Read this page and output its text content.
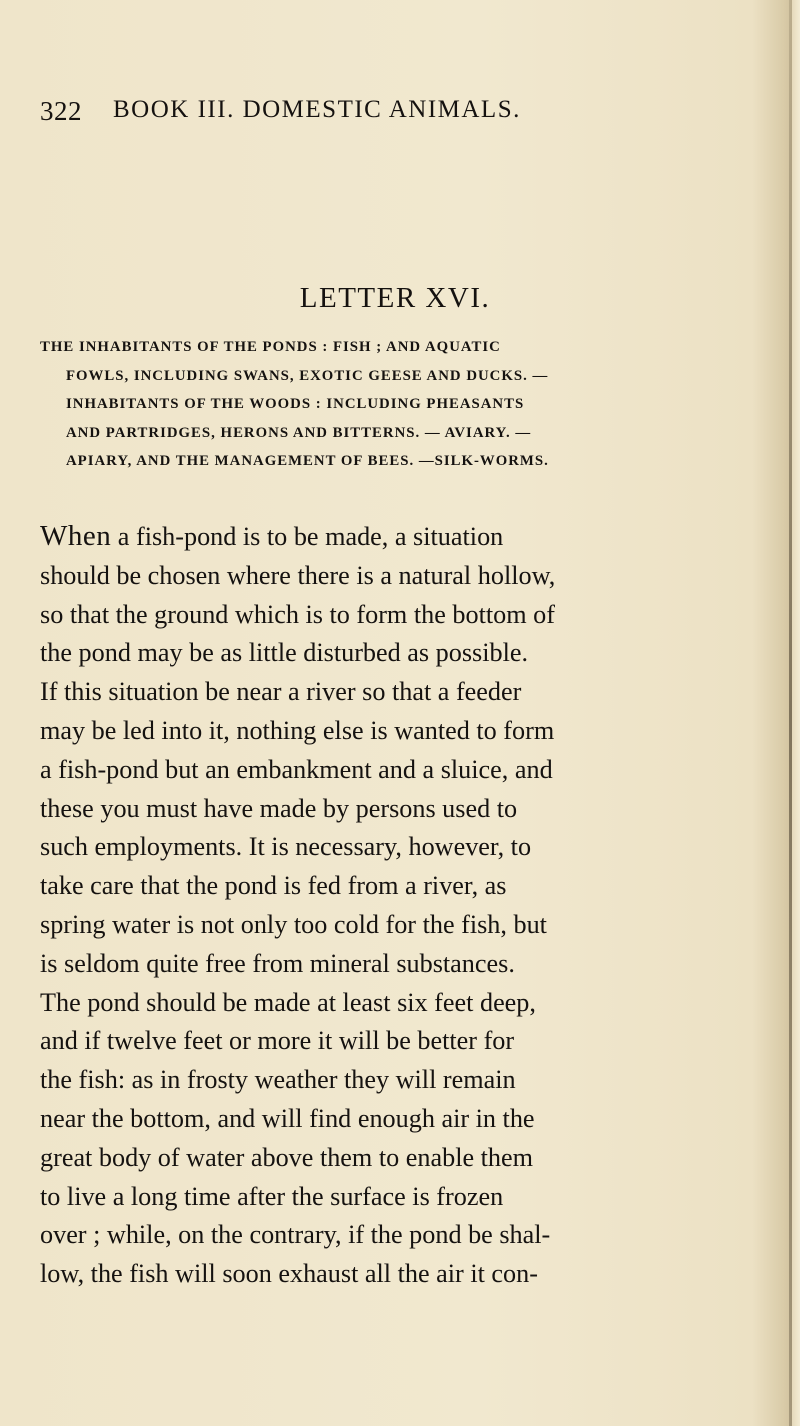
322 BOOK III. DOMESTIC ANIMALS.
LETTER XVI.
THE INHABITANTS OF THE PONDS : FISH ; AND AQUATIC
FOWLS, INCLUDING SWANS, EXOTIC GEESE AND DUCKS. —
INHABITANTS OF THE WOODS : INCLUDING PHEASANTS
AND PARTRIDGES, HERONS AND BITTERNS. — AVIARY. —
APIARY, AND THE MANAGEMENT OF BEES. —SILK-WORMS.
When a fish-pond is to be made, a situation
should be chosen where there is a natural hollow,
so that the ground which is to form the bottom of
the pond may be as little disturbed as possible.
If this situation be near a river so that a feeder
may be led into it, nothing else is wanted to form
a fish-pond but an embankment and a sluice, and
these you must have made by persons used to
such employments. It is necessary, however, to
take care that the pond is fed from a river, as
spring water is not only too cold for the fish, but
is seldom quite free from mineral substances.
The pond should be made at least six feet deep,
and if twelve feet or more it will be better for
the fish: as in frosty weather they will remain
near the bottom, and will find enough air in the
great body of water above them to enable them
to live a long time after the surface is frozen
over ; while, on the contrary, if the pond be shal-
low, the fish will soon exhaust all the air it con-
